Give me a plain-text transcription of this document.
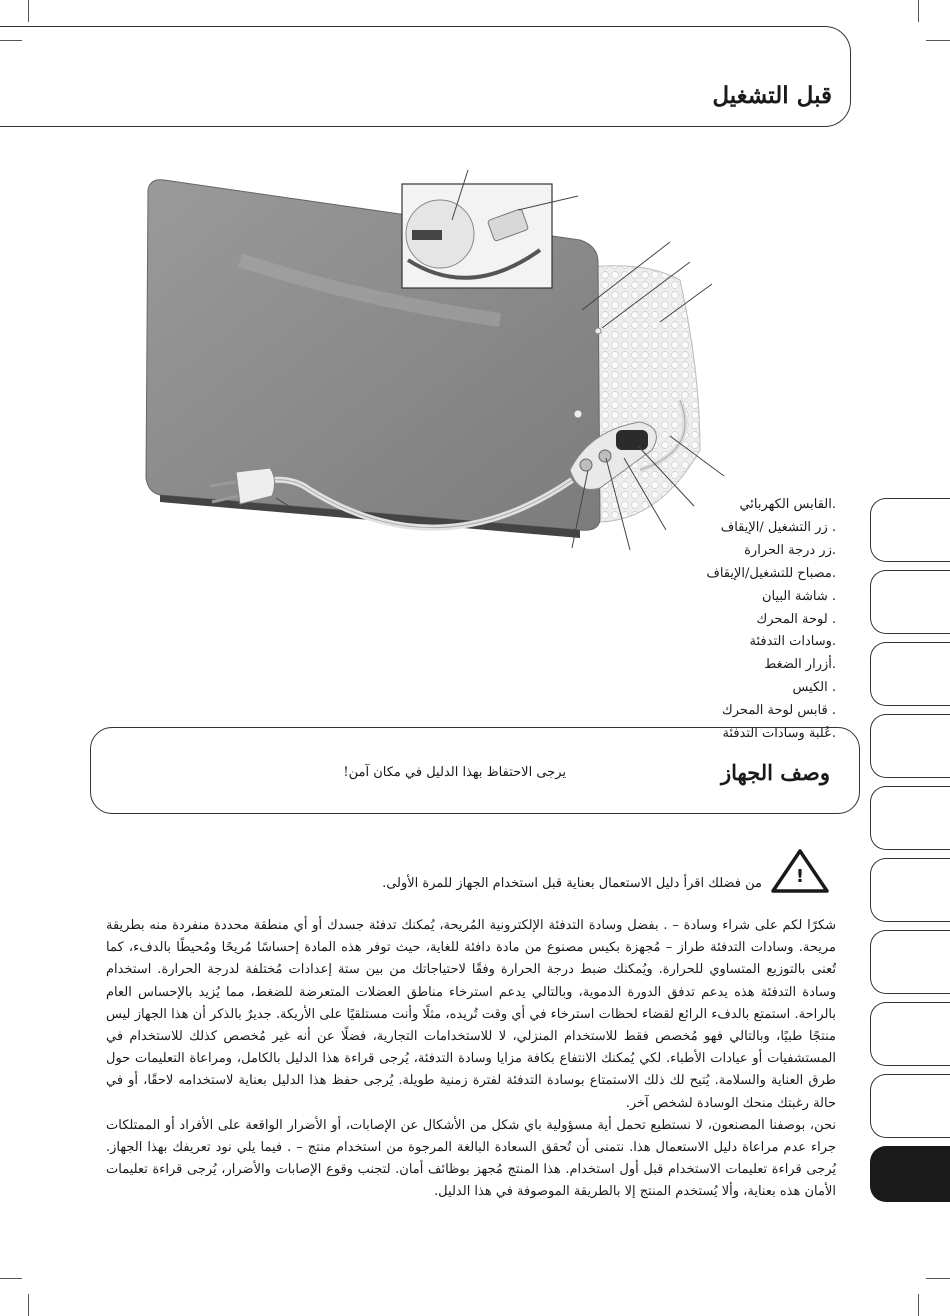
قبل التشغيل
.القابس الكهربائي
. زر التشغيل /الإيقاف
.زر درجة الحرارة
.مصباح للتشغيل/الإيقاف
. شاشة البيان
. لوحة المحرك
.وسادات التدفئة
.أزرار الضغط
. الكيس
. قابس لوحة المحرك
.عُلبة وسادات التدفئة
وصف الجهاز
يرجى الاحتفاظ بهذا الدليل في مكان آمن!
!
من فضلك اقرأ دليل الاستعمال بعناية قبل استخدام الجهاز للمرة الأولى.

شكرًا لكم على شراء وسادة – . بفضل وسادة التدفئة الإلكترونية المُريحة، يُمكنك تدفئة جسدك أو أي منطقة محددة منفردة منه بطريقة مريحة. وسادات التدفئة طراز – مُجهزة بكيس مصنوع من مادة دافئة للغاية، حيث توفر هذه المادة إحساسًا مُريحًا ومُحيطًا بالدفء، كما تُعنى بالتوزيع المتساوي للحرارة. ويُمكنك ضبط درجة الحرارة وفقًا لاحتياجاتك من بين ستة إعدادات مُختلفة لدرجة الحرارة. استخدام وسادة التدفئة هذه يدعم تدفق الدورة الدموية، وبالتالي يدعم استرخاء مناطق العضلات المتعرضة للضغط، مما يُزيد بالإحساس العام بالراحة. استمتع بالدفء الرائع لقضاء لحظات استرخاء في أي وقت تُريده، مثلًا وأنت مستلقيًا على الأريكة. جديرٌ بالذكر أن هذا الجهاز ليس منتجًا طبيًا، وبالتالي فهو مُخصص فقط للاستخدام المنزلي، لا للاستخدامات التجارية، فضلًا عن أنه غير مُخصص كذلك للاستخدام في المستشفيات أو عيادات الأطباء. لكي يُمكنك الانتفاع بكافة مزايا وسادة التدفئة، يُرجى قراءة هذا الدليل بالكامل، ومراعاة التعليمات حول طرق العناية والسلامة. يُتيح لك ذلك الاستمتاع بوسادة التدفئة لفترة زمنية طويلة. يُرجى حفظ هذا الدليل بعناية لاستخدامه لاحقًا، أو في حالة رغبتك منحك الوسادة لشخص آخر.

نحن، بوصفنا المصنعون، لا نستطيع تحمل أية مسؤولية باي شكل من الأشكال عن الإصابات، أو الأضرار الواقعة على الأفراد أو الممتلكات جراء عدم مراعاة دليل الاستعمال هذا. نتمنى أن تُحقق السعادة البالغة المرجوة من استخدام منتج – . فيما يلي نود تعريفك بهذا الجهاز. يُرجى قراءة تعليمات الاستخدام قبل أول استخدام. هذا المنتج مُجهز بوظائف أمان. لتجنب وقوع الإصابات والأضرار، يُرجى قراءة تعليمات الأمان هذه بعناية، وألا يُستخدم المنتج إلا بالطريقة الموصوفة في هذا الدليل.
